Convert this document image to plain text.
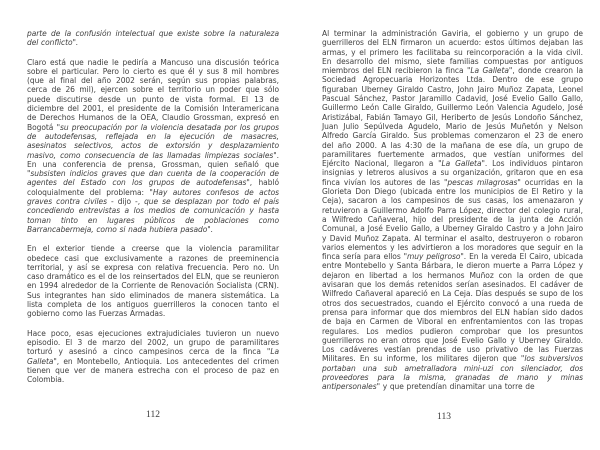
parte de la confusión intelectual que existe sobre la naturaleza del conflicto".

Claro está que nadie le pediría a Mancuso una discusión teórica sobre el particular. Pero lo cierto es que él y sus 8 mil hombres (que al final del año 2002 serán, según sus propias palabras, cerca de 26 mil), ejercen sobre el territorio un poder que sólo puede discutirse desde un punto de vista formal. El 13 de diciembre del 2001, el presidente de la Comisión Interamericana de Derechos Humanos de la OEA, Claudio Grossman, expresó en Bogotá "su preocupación por la violencia desatada por los grupos de autodefensas, reflejada en la ejecución de masacres, asesinatos selectivos, actos de extorsión y desplazamiento masivo, como consecuencia de las llamadas limpiezas sociales". En una conferencia de prensa, Grossman, quien señaló que "subsisten indicios graves que dan cuenta de la cooperación de agentes del Estado con los grupos de autodefensas", habló coloquialmente del problema: "Hay autores confesos de actos graves contra civiles - dijo -, que se desplazan por todo el país concediendo entrevistas a los medios de comunicación y hasta toman tinto en lugares públicos de poblaciones como Barrancabermeja, como si nada hubiera pasado".

En el exterior tiende a creerse que la violencia paramilitar obedece casi que exclusivamente a razones de preeminencia territorial, y así se expresa con relativa frecuencia. Pero no. Un caso dramático es el de los reinsertados del ELN, que se reunieron en 1994 alrededor de la Corriente de Renovación Socialista (CRN). Sus integrantes han sido eliminados de manera sistemática. La lista completa de los antiguos guerrilleros la conocen tanto el gobierno como las Fuerzas Armadas.

Hace poco, esas ejecuciones extrajudiciales tuvieron un nuevo episodio. El 3 de marzo del 2002, un grupo de paramilitares torturó y asesinó a cinco campesinos cerca de la finca "La Galleta", en Montebello, Antioquia. Los antecedentes del crimen tienen que ver de manera estrecha con el proceso de paz en Colombia.

Al terminar la administración Gaviria, el gobierno y un grupo de guerrilleros del ELN firmaron un acuerdo: estos últimos dejaban las armas, y el primero les facilitaba su reincorporación a la vida civil. En desarrollo del mismo, siete familias compuestas por antiguos miembros del ELN recibieron la finca "La Galleta", donde crearon la Sociedad Agropecuaria Horizontes Ltda. Dentro de ese grupo figuraban Uberney Giraldo Castro, John Jairo Muñoz Zapata, Leonel Pascual Sánchez, Pastor Jaramillo Cadavid, José Evelio Gallo Gallo, Guillermo León Calle Giraldo, Guillermo León Valencia Agudelo, José Aristizábal, Fabián Tamayo Gil, Heriberto de Jesús Londoño Sánchez, Juan Julio Sepúlveda Agudelo, Mario de Jesús Muñetón y Nelson Alfredo García Giraldo. Sus problemas comenzaron el 23 de enero del año 2000. A las 4:30 de la mañana de ese día, un grupo de paramilitares fuertemente armados, que vestían uniformes del Ejército Nacional, llegaron a "La Galleta". Los individuos pintaron insignias y letreros alusivos a su organización, gritaron que en esa finca vivían los autores de las "pescas milagrosas" ocurridas en la Glorieta Don Diego (ubicada entre los municipios de El Retiro y la Ceja), sacaron a los campesinos de sus casas, los amenazaron y retuvieron a Guillermo Adolfo Parra López, director del colegio rural, a Wilfredo Cañaveral, hijo del presidente de la junta de Acción Comunal, a José Evelio Gallo, a Uberney Giraldo Castro y a John Jairo y David Muñoz Zapata. Al terminar el asalto, destruyeron o robaron varios elementos y les advirtieron a los moradores que seguir en la finca sería para ellos "muy peligroso". En la vereda El Cairo, ubicada entre Montebello y Santa Bárbara, le dieron muerte a Parra López y dejaron en libertad a los hermanos Muñoz con la orden de que avisaran que los demás retenidos serían asesinados. El cadáver de Wilfredo Cañaveral apareció en La Ceja. Días después se supo de los otros dos secuestrados, cuando el Ejército convocó a una rueda de prensa para informar que dos miembros del ELN habían sido dados de baja en Carmen de Viboral en enfrentamientos con las tropas regulares. Los medios pudieron comprobar que los presuntos guerrilleros no eran otros que José Evelio Gallo y Uberney Giraldo. Los cadáveres vestían prendas de uso privativo de las Fuerzas Militares. En su informe, los militares dijeron que "los subversivos portaban una sub ametralladora mini-uzi con silenciador, dos proveedores para la misma, granadas de mano y minas antipersonales" y que pretendían dinamitar una torre de

112	113
